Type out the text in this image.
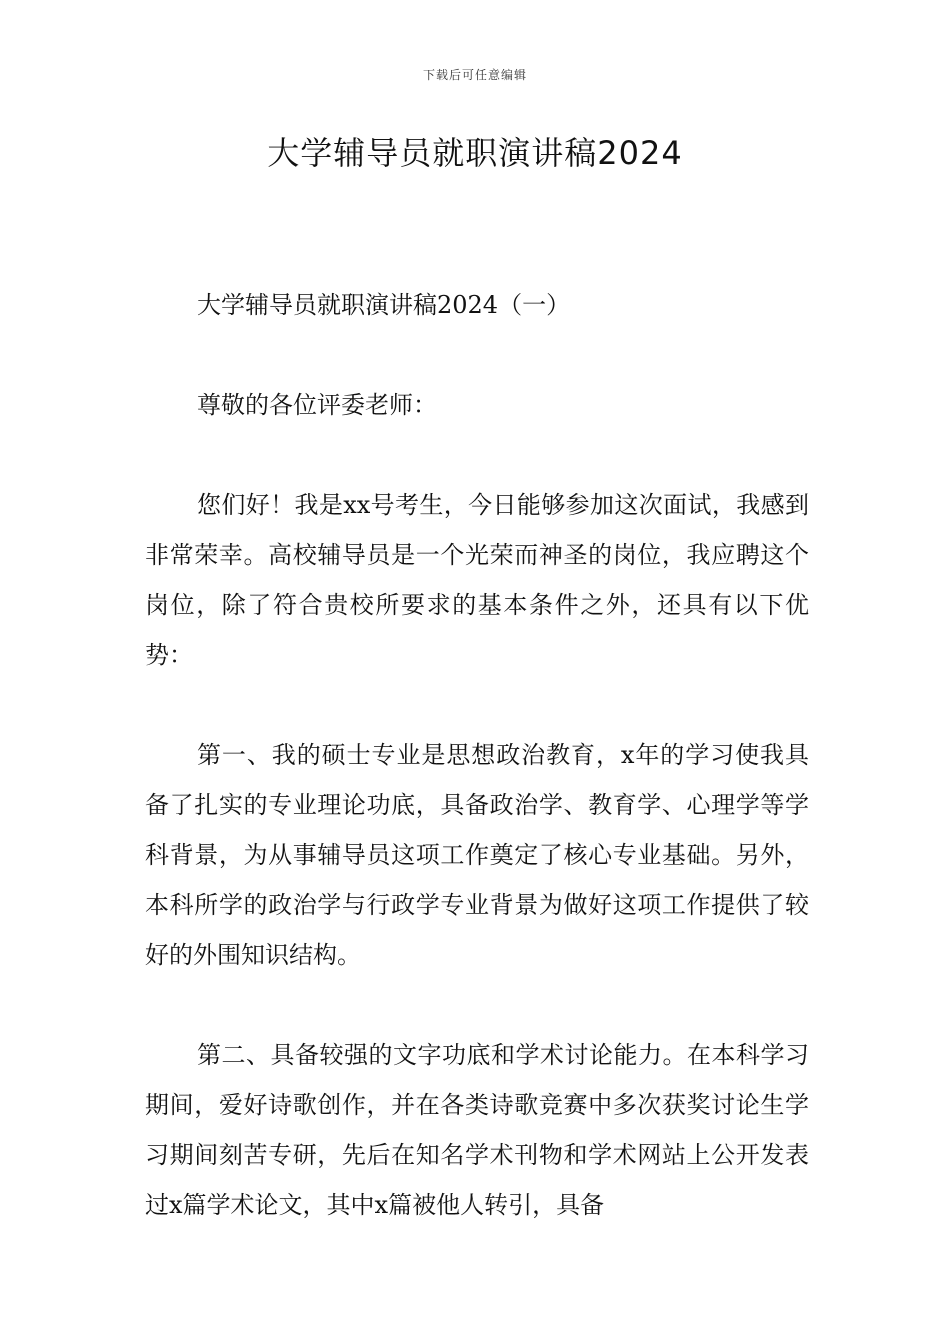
下载后可任意编辑
大学辅导员就职演讲稿2024

大学辅导员就职演讲稿2024（一）

尊敬的各位评委老师：

您们好！我是xx号考生，今日能够参加这次面试，我感到非常荣幸。高校辅导员是一个光荣而神圣的岗位，我应聘这个岗位，除了符合贵校所要求的基本条件之外，还具有以下优势：

第一、我的硕士专业是思想政治教育，x年的学习使我具备了扎实的专业理论功底，具备政治学、教育学、心理学等学科背景，为从事辅导员这项工作奠定了核心专业基础。另外，本科所学的政治学与行政学专业背景为做好这项工作提供了较好的外围知识结构。

第二、具备较强的文字功底和学术讨论能力。在本科学习期间，爱好诗歌创作，并在各类诗歌竞赛中多次获奖讨论生学习期间刻苦专研，先后在知名学术刊物和学术网站上公开发表过x篇学术论文，其中x篇被他人转引，具备
